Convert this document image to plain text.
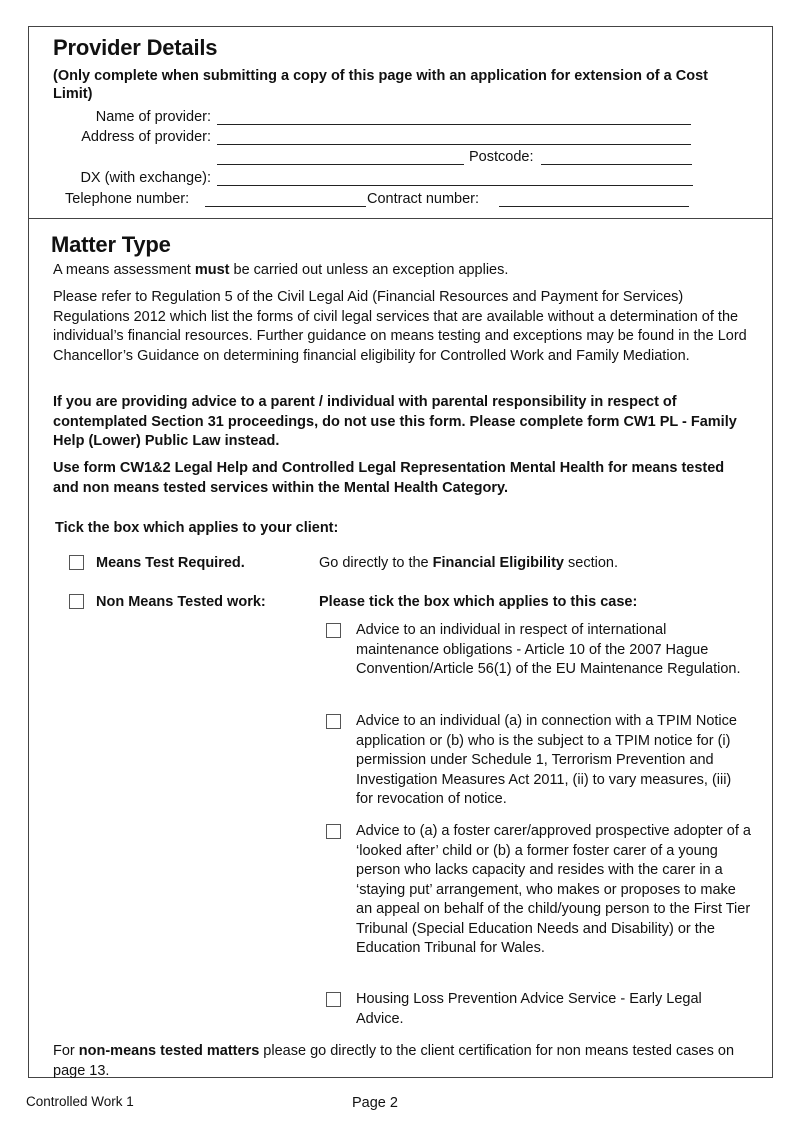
Provider Details
(Only complete when submitting a copy of this page with an application for extension of a Cost Limit)
Name of provider:
Address of provider:
Postcode:
DX (with exchange):
Telephone number:	Contract number:
Matter Type
A means assessment must be carried out unless an exception applies.
Please refer to Regulation 5 of the Civil Legal Aid (Financial Resources and Payment for Services) Regulations 2012 which list the forms of civil legal services that are available without a determination of the individual’s financial resources. Further guidance on means testing and exceptions may be found in the Lord Chancellor’s Guidance on determining financial eligibility for Controlled Work and Family Mediation.
If you are providing advice to a parent / individual with parental responsibility in respect of contemplated Section 31 proceedings, do not use this form. Please complete form CW1 PL - Family Help (Lower) Public Law instead.
Use form CW1&2 Legal Help and Controlled Legal Representation Mental Health for means tested and non means tested services within the Mental Health Category.
Tick the box which applies to your client:
Means Test Required.	Go directly to the Financial Eligibility section.
Non Means Tested work:	Please tick the box which applies to this case:
Advice to an individual in respect of international maintenance obligations - Article 10 of the 2007 Hague Convention/Article 56(1) of the EU Maintenance Regulation.
Advice to an individual (a) in connection with a TPIM Notice application or (b) who is the subject to a TPIM notice for (i) permission under Schedule 1, Terrorism Prevention and Investigation Measures Act 2011, (ii) to vary measures, (iii) for revocation of notice.
Advice to (a) a foster carer/approved prospective adopter of a ‘looked after’ child or (b) a former foster carer of a young person who lacks capacity and resides with the carer in a ‘staying put’ arrangement, who makes or proposes to make an appeal on behalf of the child/young person to the First Tier Tribunal (Special Education Needs and Disability) or the Education Tribunal for Wales.
Housing Loss Prevention Advice Service - Early Legal Advice.
For non-means tested matters please go directly to the client certification for non means tested cases on page 13.
Controlled Work 1	Page 2
